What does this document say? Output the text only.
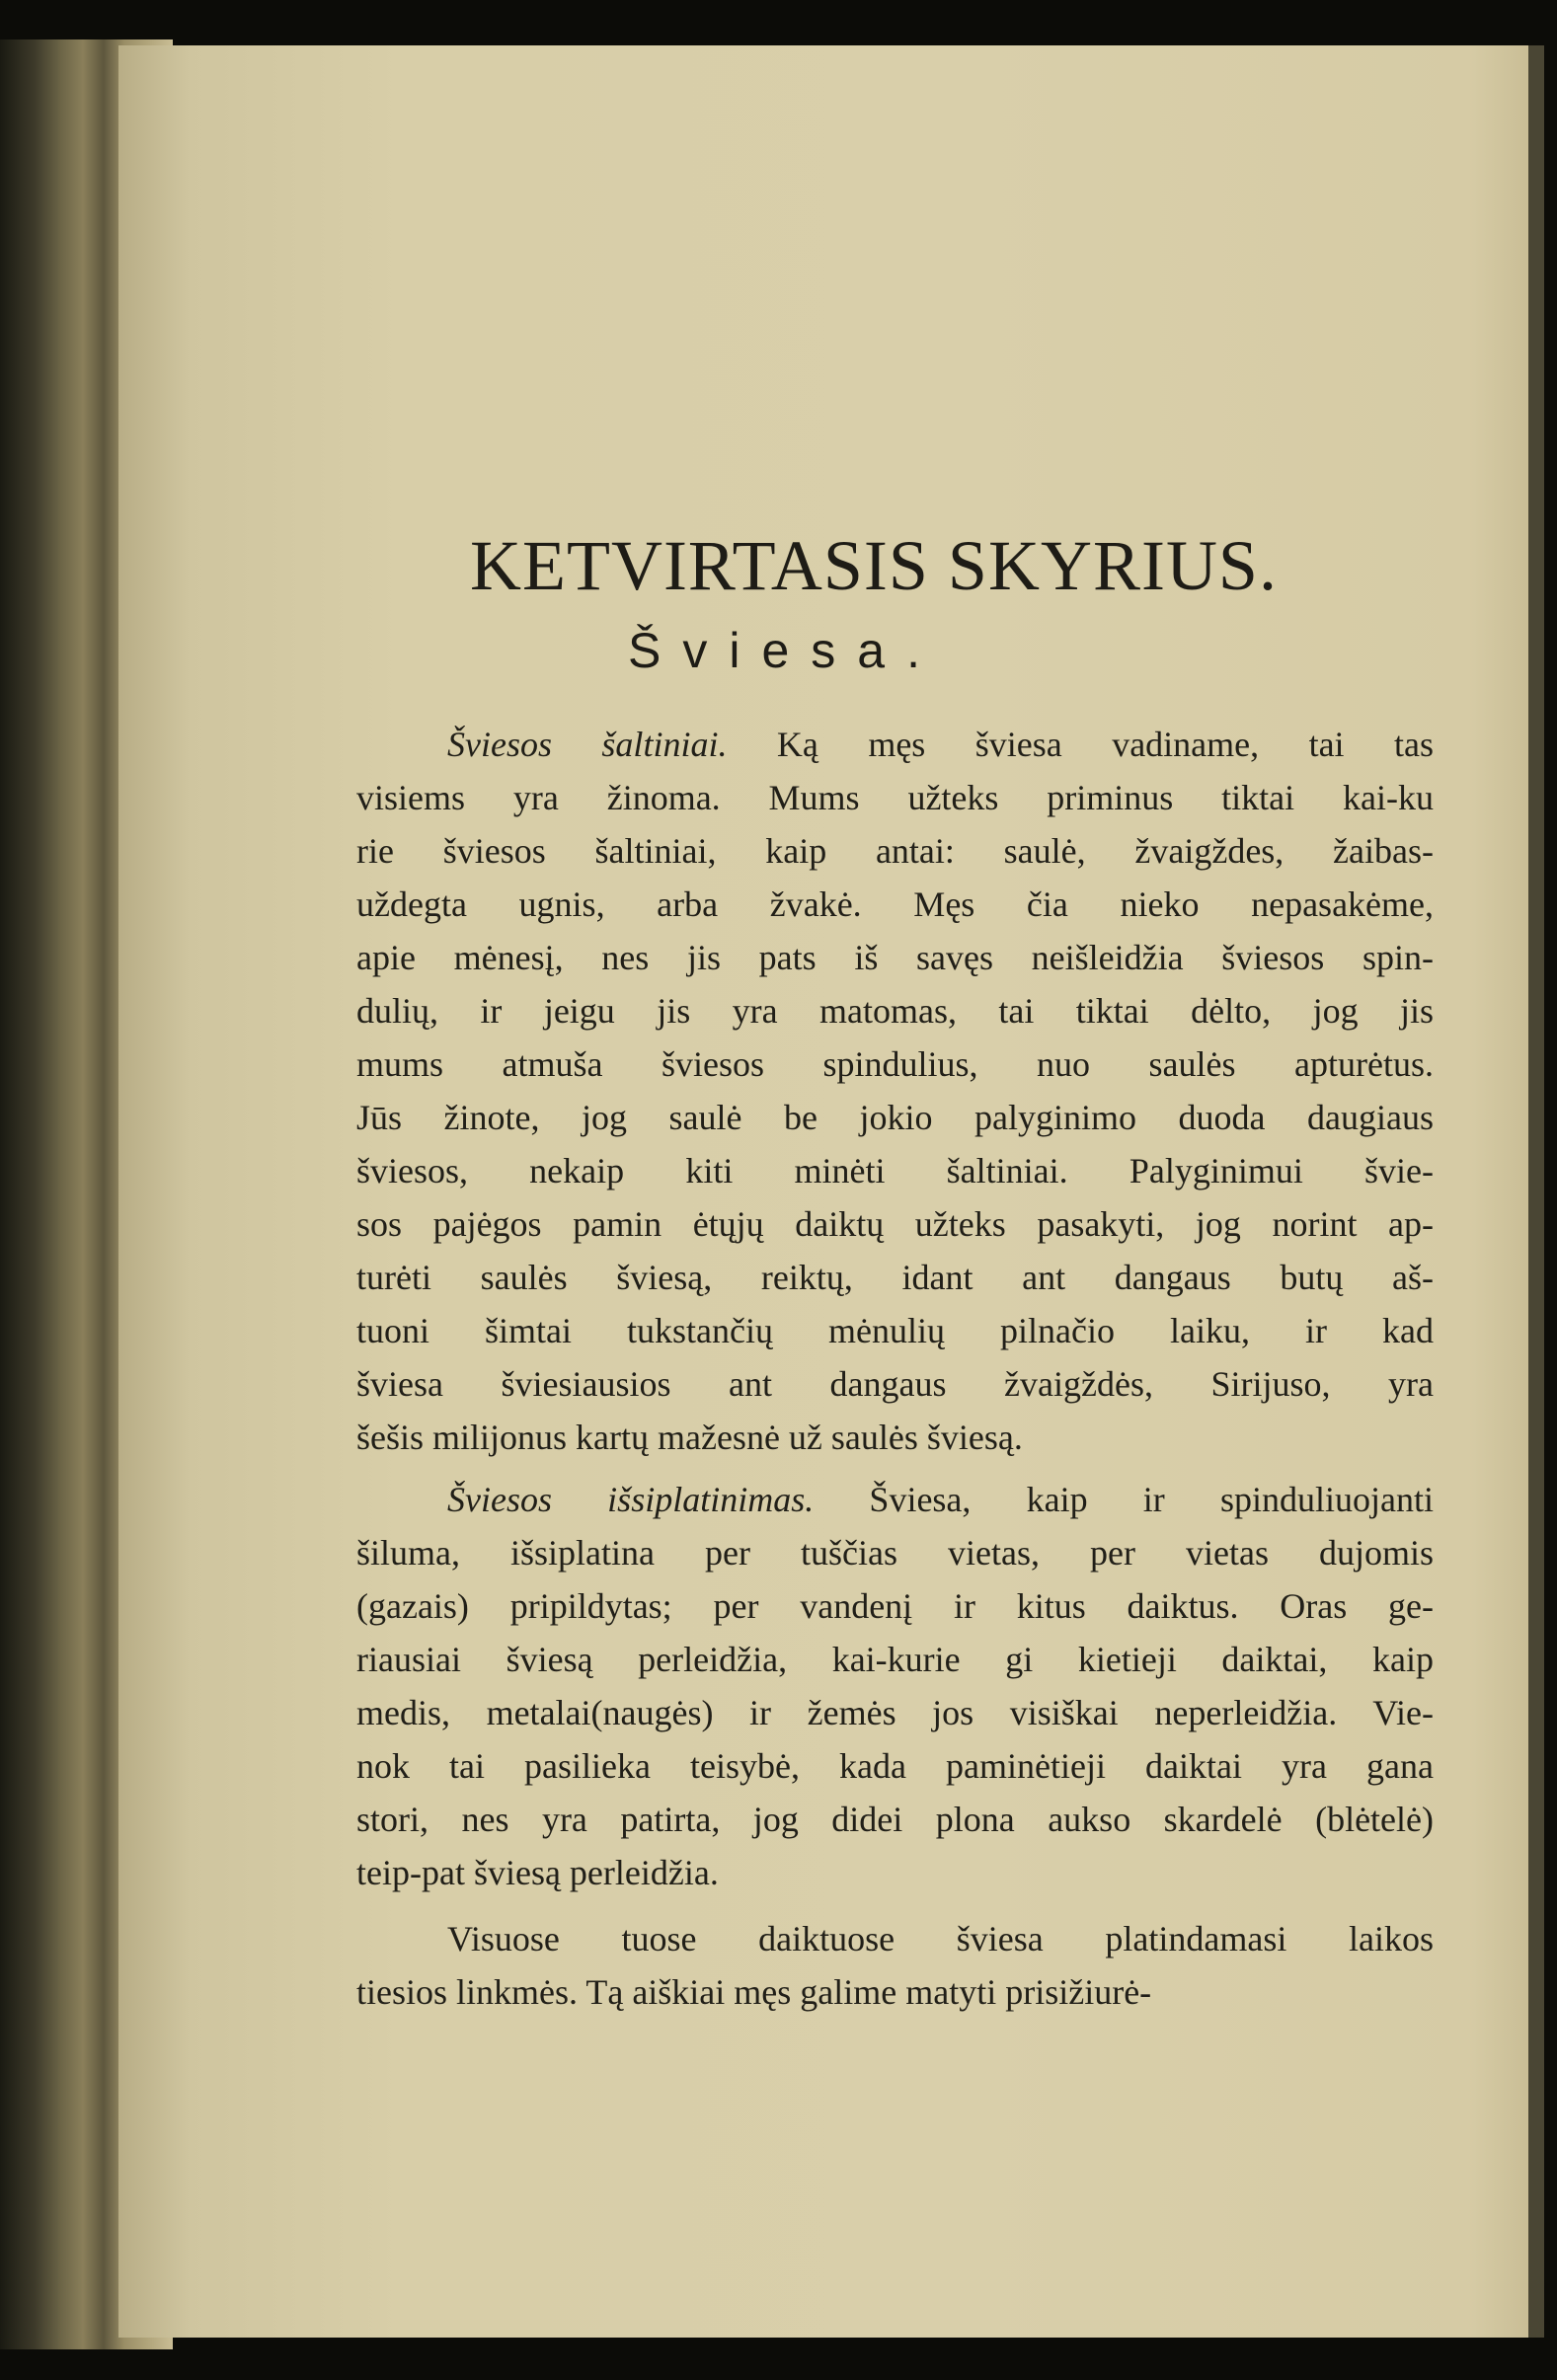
KETVIRTASIS SKYRIUS.
Šviesa.
Šviesos šaltiniai. Ką męs šviesa vadiname, tai tas
visiems yra žinoma. Mums užteks priminus tiktai kai-ku
rie šviesos šaltiniai, kaip antai: saulė, žvaigždes, žaibas-
uždegta ugnis, arba žvakė. Męs čia nieko nepasakėme,
apie mėnesį, nes jis pats iš savęs neišleidžia šviesos spin-
dulių, ir jeigu jis yra matomas, tai tiktai dėlto, jog jis
mums atmuša šviesos spindulius, nuo saulės apturėtus.
Jūs žinote, jog saulė be jokio palyginimo duoda daugiaus
šviesos, nekaip kiti minėti šaltiniai. Palyginimui švie-
sos pajėgos pamin ėtųjų daiktų užteks pasakyti, jog norint ap-
turėti saulės šviesą, reiktų, idant ant dangaus butų aš-
tuoni šimtai tukstančių mėnulių pilnačio laiku, ir kad
šviesa šviesiausios ant dangaus žvaigždės, Sirijuso, yra
šešis milijonus kartų mažesnė už saulės šviesą.
Šviesos išsiplatinimas. Šviesa, kaip ir spinduliuojanti
šiluma, išsiplatina per tuščias vietas, per vietas dujomis
(gazais) pripildytas; per vandenį ir kitus daiktus. Oras ge-
riausiai šviesą perleidžia, kai-kurie gi kietieji daiktai, kaip
medis, metalai(naugės) ir žemės jos visiškai neperleidžia. Vie-
nok tai pasilieka teisybė, kada paminėtieji daiktai yra gana
stori, nes yra patirta, jog didei plona aukso skardelė (blėtelė)
teip-pat šviesą perleidžia.
Visuose tuose daiktuose šviesa platindamasi laikos
tiesios linkmės. Tą aiškiai męs galime matyti prisižiurė-
